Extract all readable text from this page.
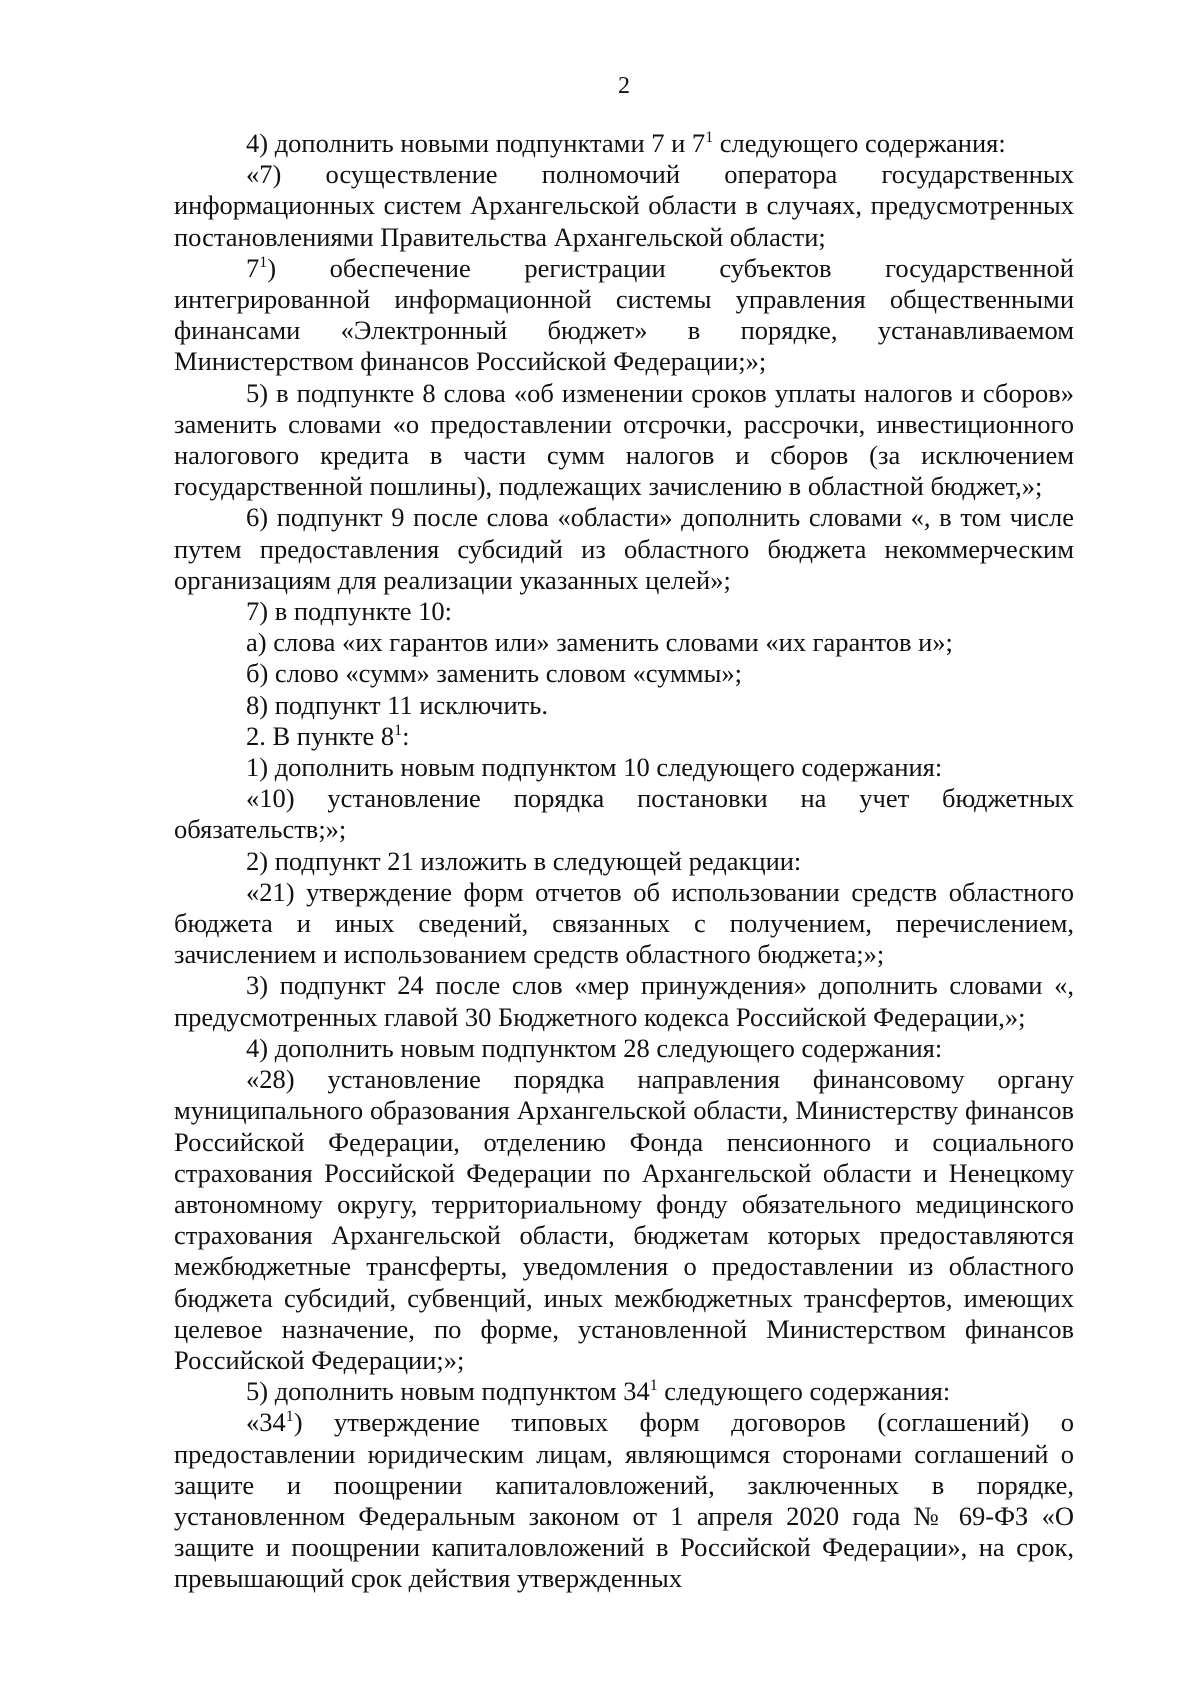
2

4) дополнить новыми подпунктами 7 и $7^1$ следующего содержания:

«7) осуществление полномочий оператора государственных информационных систем Архангельской области в случаях, предусмотренных постановлениями Правительства Архангельской области;

$7^1$) обеспечение регистрации субъектов государственной интегрированной информационной системы управления общественными финансами «Электронный бюджет» в порядке, устанавливаемом Министерством финансов Российской Федерации;»;

5) в подпункте 8 слова «об изменении сроков уплаты налогов и сборов» заменить словами «о предоставлении отсрочки, рассрочки, инвестиционного налогового кредита в части сумм налогов и сборов (за исключением государственной пошлины), подлежащих зачислению в областной бюджет,»;

6) подпункт 9 после слова «области» дополнить словами «, в том числе путем предоставления субсидий из областного бюджета некоммерческим организациям для реализации указанных целей»;

7) в подпункте 10:

а) слова «их гарантов или» заменить словами «их гарантов и»;

б) слово «сумм» заменить словом «суммы»;

8) подпункт 11 исключить.

2. В пункте $8^1$:

1) дополнить новым подпунктом 10 следующего содержания:

«10) установление порядка постановки на учет бюджетных обязательств;»;

2) подпункт 21 изложить в следующей редакции:

«21) утверждение форм отчетов об использовании средств областного бюджета и иных сведений, связанных с получением, перечислением, зачислением и использованием средств областного бюджета;»;

3) подпункт 24 после слов «мер принуждения» дополнить словами «, предусмотренных главой 30 Бюджетного кодекса Российской Федерации,»;

4) дополнить новым подпунктом 28 следующего содержания:

«28) установление порядка направления финансовому органу муниципального образования Архангельской области, Министерству финансов Российской Федерации, отделению Фонда пенсионного и социального страхования Российской Федерации по Архангельской области и Ненецкому автономному округу, территориальному фонду обязательного медицинского страхования Архангельской области, бюджетам которых предоставляются межбюджетные трансферты, уведомления о предоставлении из областного бюджета субсидий, субвенций, иных межбюджетных трансфертов, имеющих целевое назначение, по форме, установленной Министерством финансов Российской Федерации;»;

5) дополнить новым подпунктом $34^1$ следующего содержания:

«$34^1$) утверждение типовых форм договоров (соглашений) о предоставлении юридическим лицам, являющимся сторонами соглашений о защите и поощрении капиталовложений, заключенных в порядке, установленном Федеральным законом от 1 апреля 2020 года № 69-ФЗ «О защите и поощрении капиталовложений в Российской Федерации», на срок, превышающий срок действия утвержденных
